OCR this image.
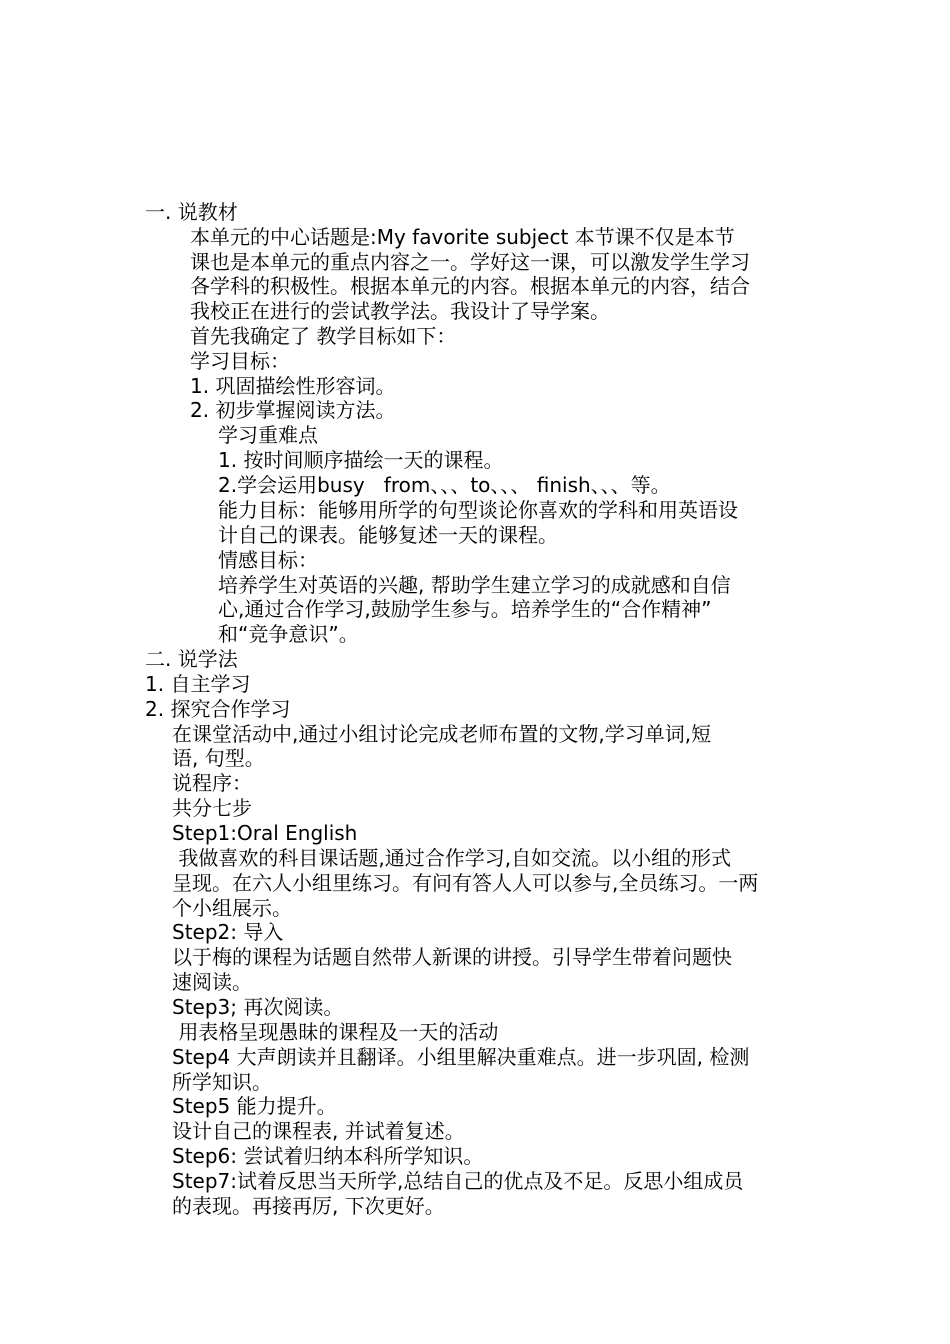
一. 说教材
本单元的中心话题是:My favorite subject 本节课不仅是本节
课也是本单元的重点内容之一。学好这一课，可以激发学生学习
各学科的积极性。根据本单元的内容。根据本单元的内容，结合
我校正在进行的尝试教学法。我设计了导学案。
首先我确定了 教学目标如下：
学习目标：
1. 巩固描绘性形容词。
2. 初步掌握阅读方法。
学习重难点
1. 按时间顺序描绘一天的课程。
2.学会运用busy   from、、、to、、、 finish、、、等。
能力目标：能够用所学的句型谈论你喜欢的学科和用英语设
计自己的课表。能够复述一天的课程。
情感目标：
培养学生对英语的兴趣, 帮助学生建立学习的成就感和自信
心,通过合作学习,鼓励学生参与。培养学生的“合作精神”
和“竞争意识”。
二. 说学法
1. 自主学习
2. 探究合作学习
在课堂活动中,通过小组讨论完成老师布置的文物,学习单词,短
语, 句型。
说程序：
共分七步
Step1:Oral English
我做喜欢的科目课话题,通过合作学习,自如交流。以小组的形式
呈现。在六人小组里练习。有问有答人人可以参与,全员练习。一两
个小组展示。
Step2: 导入
以于梅的课程为话题自然带人新课的讲授。引导学生带着问题快
速阅读。
Step3; 再次阅读。
用表格呈现愚昧的课程及一天的活动
Step4 大声朗读并且翻译。小组里解决重难点。进一步巩固, 检测
所学知识。
Step5 能力提升。
设计自己的课程表, 并试着复述。
Step6: 尝试着归纳本科所学知识。
Step7:试着反思当天所学,总结自己的优点及不足。反思小组成员
的表现。再接再厉, 下次更好。
